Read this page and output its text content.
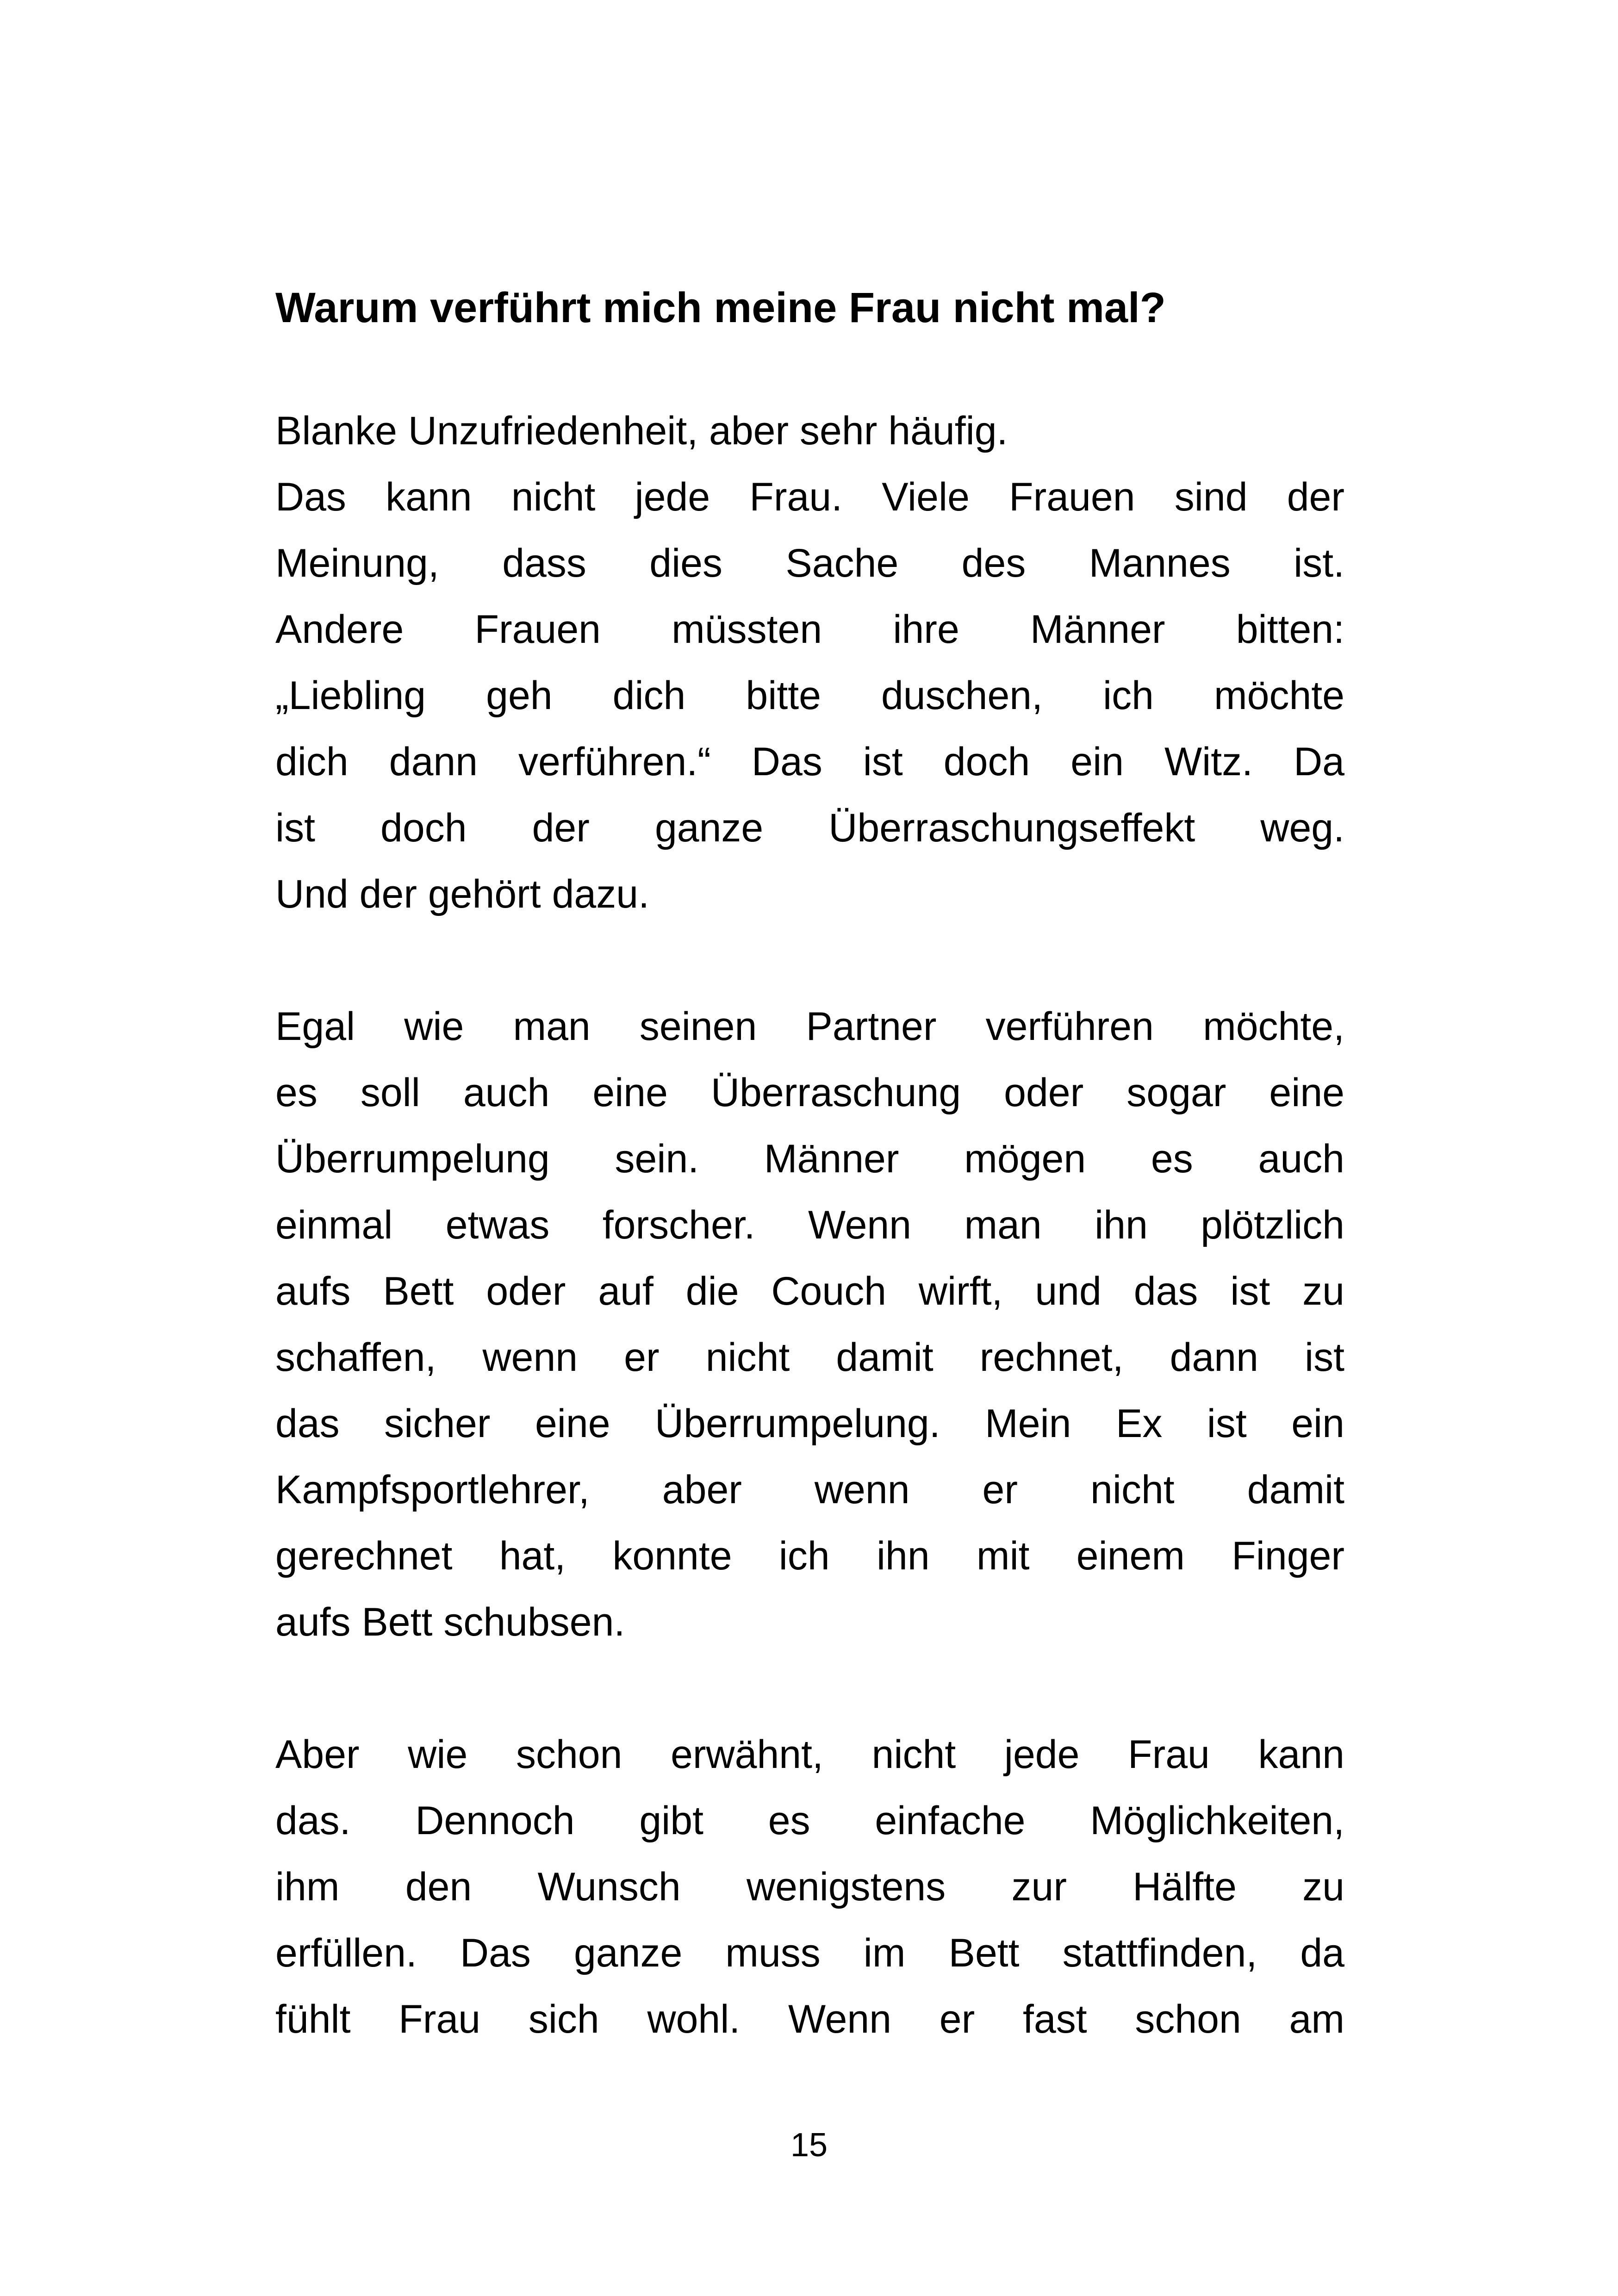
Warum verführt mich meine Frau nicht mal?
Blanke Unzufriedenheit, aber sehr häufig.
Das kann nicht jede Frau. Viele Frauen sind der
Meinung, dass dies Sache des Mannes ist.
Andere Frauen müssten ihre Männer bitten:
„Liebling geh dich bitte duschen, ich möchte
dich dann verführen.“ Das ist doch ein Witz. Da
ist doch der ganze Überraschungseffekt weg.
Und der gehört dazu.
Egal wie man seinen Partner verführen möchte,
es soll auch eine Überraschung oder sogar eine
Überrumpelung sein. Männer mögen es auch
einmal etwas forscher. Wenn man ihn plötzlich
aufs Bett oder auf die Couch wirft, und das ist zu
schaffen, wenn er nicht damit rechnet, dann ist
das sicher eine Überrumpelung. Mein Ex ist ein
Kampfsportlehrer, aber wenn er nicht damit
gerechnet hat, konnte ich ihn mit einem Finger
aufs Bett schubsen.
Aber wie schon erwähnt, nicht jede Frau kann
das. Dennoch gibt es einfache Möglichkeiten,
ihm den Wunsch wenigstens zur Hälfte zu
erfüllen. Das ganze muss im Bett stattfinden, da
fühlt Frau sich wohl. Wenn er fast schon am
15
